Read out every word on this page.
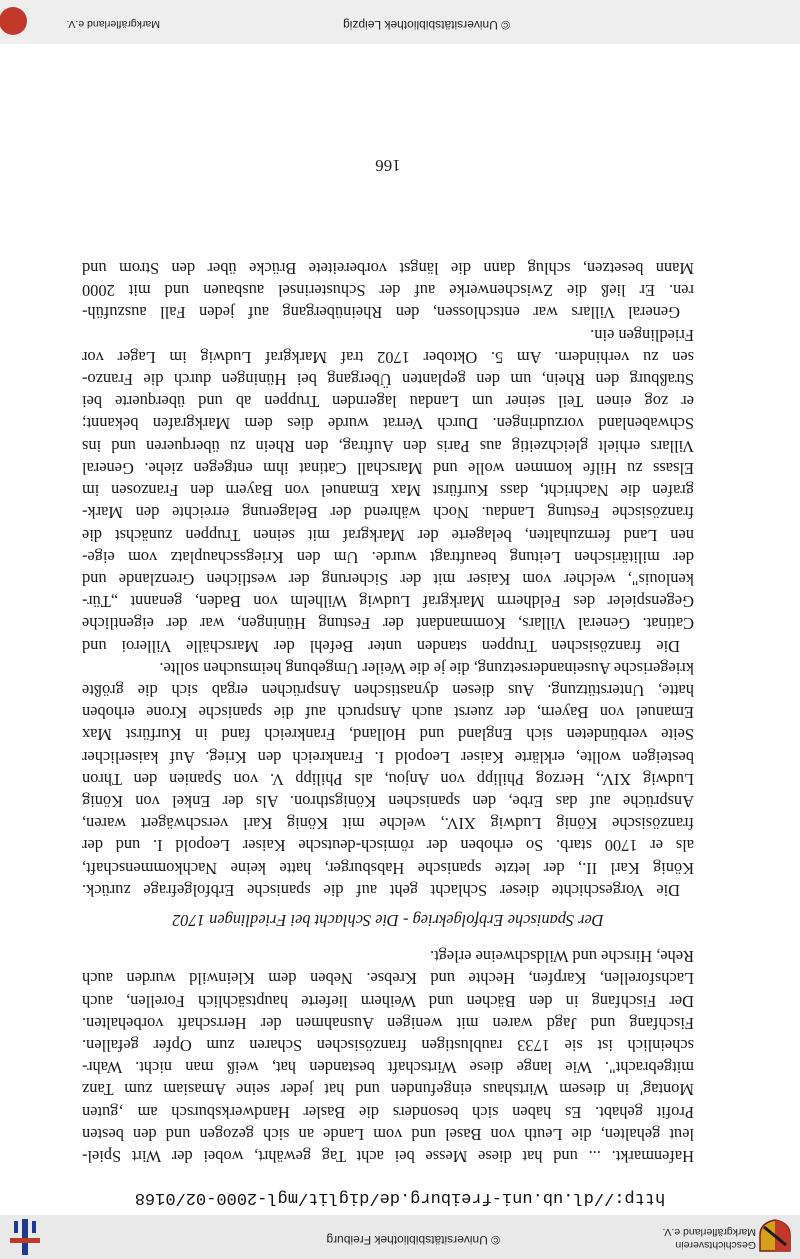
Geschichtsverein
Markgräflerland e.V.
© Universitätsbibliothek Freiburg
http://dl.ub.uni-freiburg.de/diglit/mgl-2000-02/0168
Hafenmarkt. ... und hat diese Messe bei acht Tag gewährt, wobei der Wirt Spiel-
leut gehalten, die Leuth von Basel und vom Lande an sich gezogen und den besten
Profit gehabt. Es haben sich besonders die Basler Handwerksbursch am ‚guten
Montag' in diesem Wirtshaus eingefunden und hat jeder seine Amasiam zum Tanz
mitgebracht". Wie lange diese Wirtschaft bestanden hat, weiß man nicht. Wahr-
scheinlich ist sie 1733 raublustigen französischen Scharen zum Opfer gefallen.
Fischfang und Jagd waren mit wenigen Ausnahmen der Herrschaft vorbehalten.
Der Fischfang in den Bächen und Weihern lieferte hauptsächlich Forellen, auch
Lachsforellen, Karpfen, Hechte und Krebse. Neben dem Kleinwild wurden auch
Rehe, Hirsche und Wildschweine erlegt.
Der Spanische Erbfolgekrieg - Die Schlacht bei Friedlingen 1702
Die Vorgeschichte dieser Schlacht geht auf die spanische Erbfolgefrage zurück.
König Karl II., der letzte spanische Habsburger, hatte keine Nachkommenschaft,
als er 1700 starb. So erhoben der römisch-deutsche Kaiser Leopold I. und der
französische König Ludwig XIV., welche mit König Karl verschwägert waren,
Ansprüche auf das Erbe, den spanischen Königsthron. Als der Enkel von König
Ludwig XIV., Herzog Philipp von Anjou, als Philipp V. von Spanien den Thron
besteigen wollte, erklärte Kaiser Leopold I. Frankreich den Krieg. Auf kaiserlicher
Seite verbündeten sich England und Holland, Frankreich fand in Kurfürst Max
Emanuel von Bayern, der zuerst auch Anspruch auf die spanische Krone erhoben
hatte, Unterstützung. Aus diesen dynastischen Ansprüchen ergab sich die größte
kriegerische Auseinandersetzung, die je die Weiler Umgebung heimsuchen sollte.
Die französischen Truppen standen unter Befehl der Marschälle Villeroi und
Catinat. General Villars, Kommandant der Festung Hüningen, war der eigentliche
Gegenspieler des Feldherrn Markgraf Ludwig Wilhelm von Baden, genannt „Tür-
kenlouis", welcher vom Kaiser mit der Sicherung der westlichen Grenzlande und
der militärischen Leitung beauftragt wurde. Um den Kriegsschauplatz vom eige-
nen Land fernzuhalten, belagerte der Markgraf mit seinen Truppen zunächst die
französische Festung Landau. Noch während der Belagerung erreichte den Mark-
grafen die Nachricht, dass Kurfürst Max Emanuel von Bayern den Franzosen im
Elsass zu Hilfe kommen wolle und Marschall Catinat ihm entgegen ziehe. General
Villars erhielt gleichzeitig aus Paris den Auftrag, den Rhein zu überqueren und ins
Schwabenland vorzudringen. Durch Verrat wurde dies dem Markgrafen bekannt;
er zog einen Teil seiner um Landau lagernden Truppen ab und überquerte bei
Straßburg den Rhein, um den geplanten Übergang bei Hüningen durch die Franzo-
sen zu verhindern. Am 5. Oktober 1702 traf Markgraf Ludwig im Lager vor
Friedlingen ein.
General Villars war entschlossen, den Rheinübergang auf jeden Fall auszufüh-
ren. Er ließ die Zwischenwerke auf der Schusterinsel ausbauen und mit 2000
Mann besetzen, schlug dann die längst vorbereitete Brücke über den Strom und
166
© Universitätsbibliothek Leipzig
Markgräflerland e.V.
